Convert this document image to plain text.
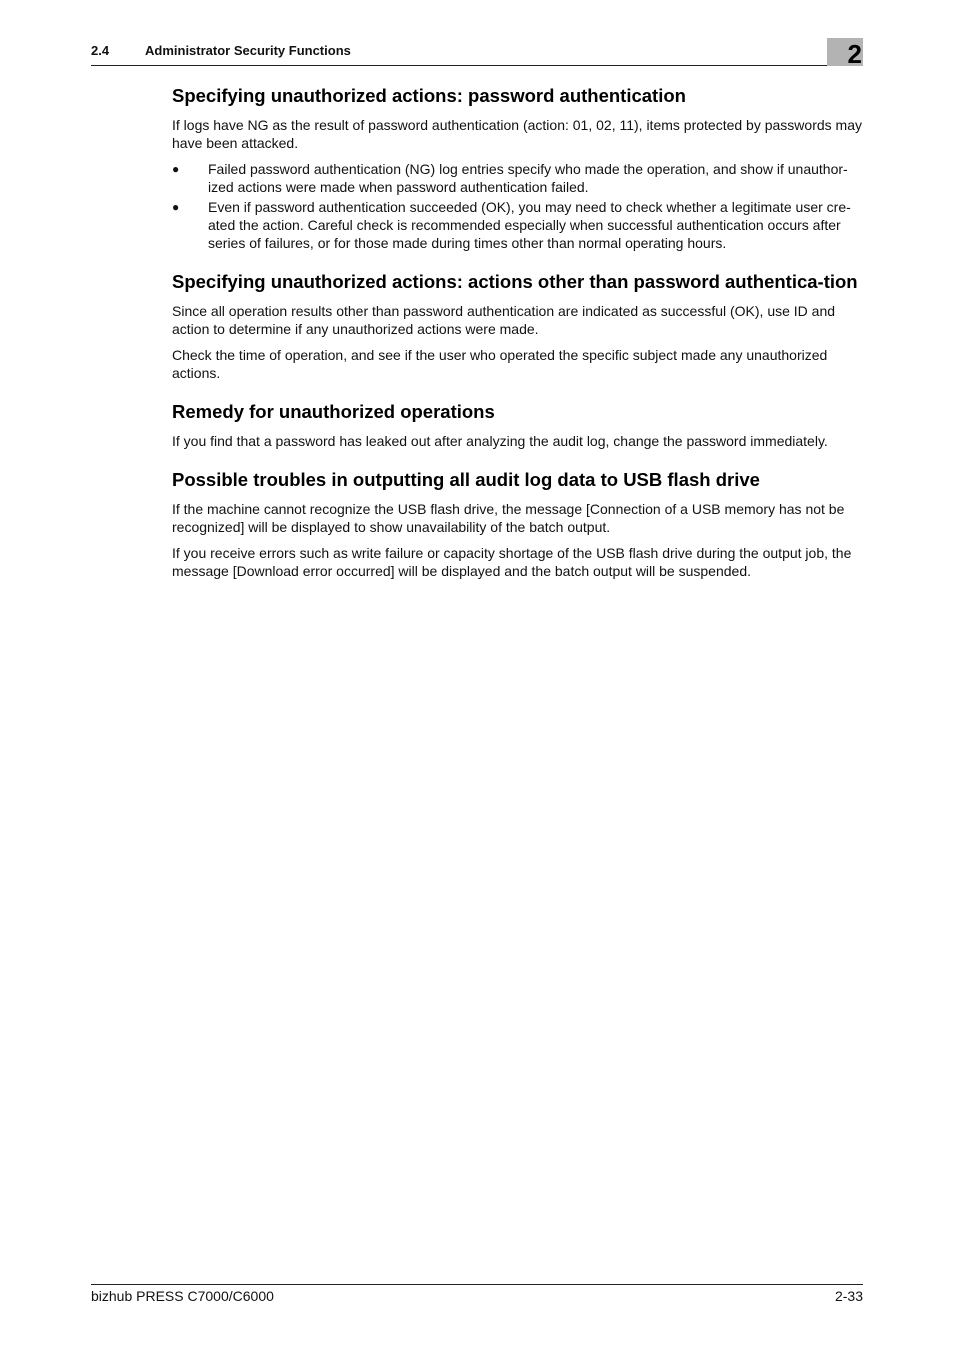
2.4	Administrator Security Functions	2
Specifying unauthorized actions: password authentication

If logs have NG as the result of password authentication (action: 01, 02, 11), items protected by passwords may have been attacked.

● Failed password authentication (NG) log entries specify who made the operation, and show if unauthor-ized actions were made when password authentication failed.
● Even if password authentication succeeded (OK), you may need to check whether a legitimate user cre-ated the action. Careful check is recommended especially when successful authentication occurs after series of failures, or for those made during times other than normal operating hours.
Specifying unauthorized actions: actions other than password authentica-tion

Since all operation results other than password authentication are indicated as successful (OK), use ID and action to determine if any unauthorized actions were made.

Check the time of operation, and see if the user who operated the specific subject made any unauthorized actions.

Remedy for unauthorized operations

If you find that a password has leaked out after analyzing the audit log, change the password immediately.

Possible troubles in outputting all audit log data to USB flash drive

If the machine cannot recognize the USB flash drive, the message [Connection of a USB memory has not be recognized] will be displayed to show unavailability of the batch output.

If you receive errors such as write failure or capacity shortage of the USB flash drive during the output job, the message [Download error occurred] will be displayed and the batch output will be suspended.

bizhub PRESS C7000/C6000	2-33
